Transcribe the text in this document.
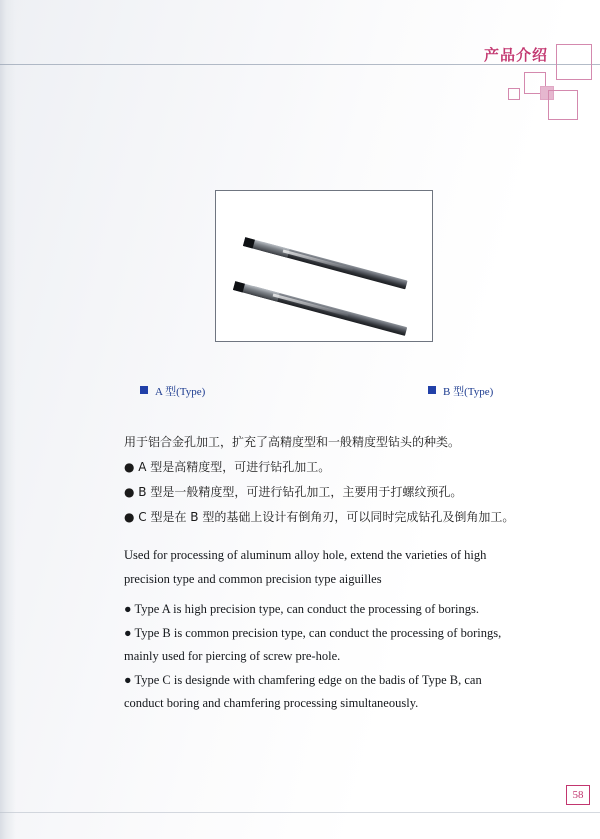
产品介绍
A 型(Type)	B 型(Type)
用于铝合金孔加工，扩充了高精度型和一般精度型钻头的种类。
● A 型是高精度型，可进行钻孔加工。
● B 型是一般精度型，可进行钻孔加工，主要用于打螺纹预孔。
● C 型是在 B 型的基础上设计有倒角刃，可以同时完成钻孔及倒角加工。

Used for processing of aluminum alloy hole, extend the varieties of high

precision type and common precision type aiguilles

● Type A is high precision type, can conduct the processing of borings.

● Type B is common precision type, can conduct the processing of borings,

mainly used for piercing of screw pre-hole.

● Type C is designde with chamfering edge on the badis of Type B, can

conduct boring and chamfering processing simultaneously.

58
